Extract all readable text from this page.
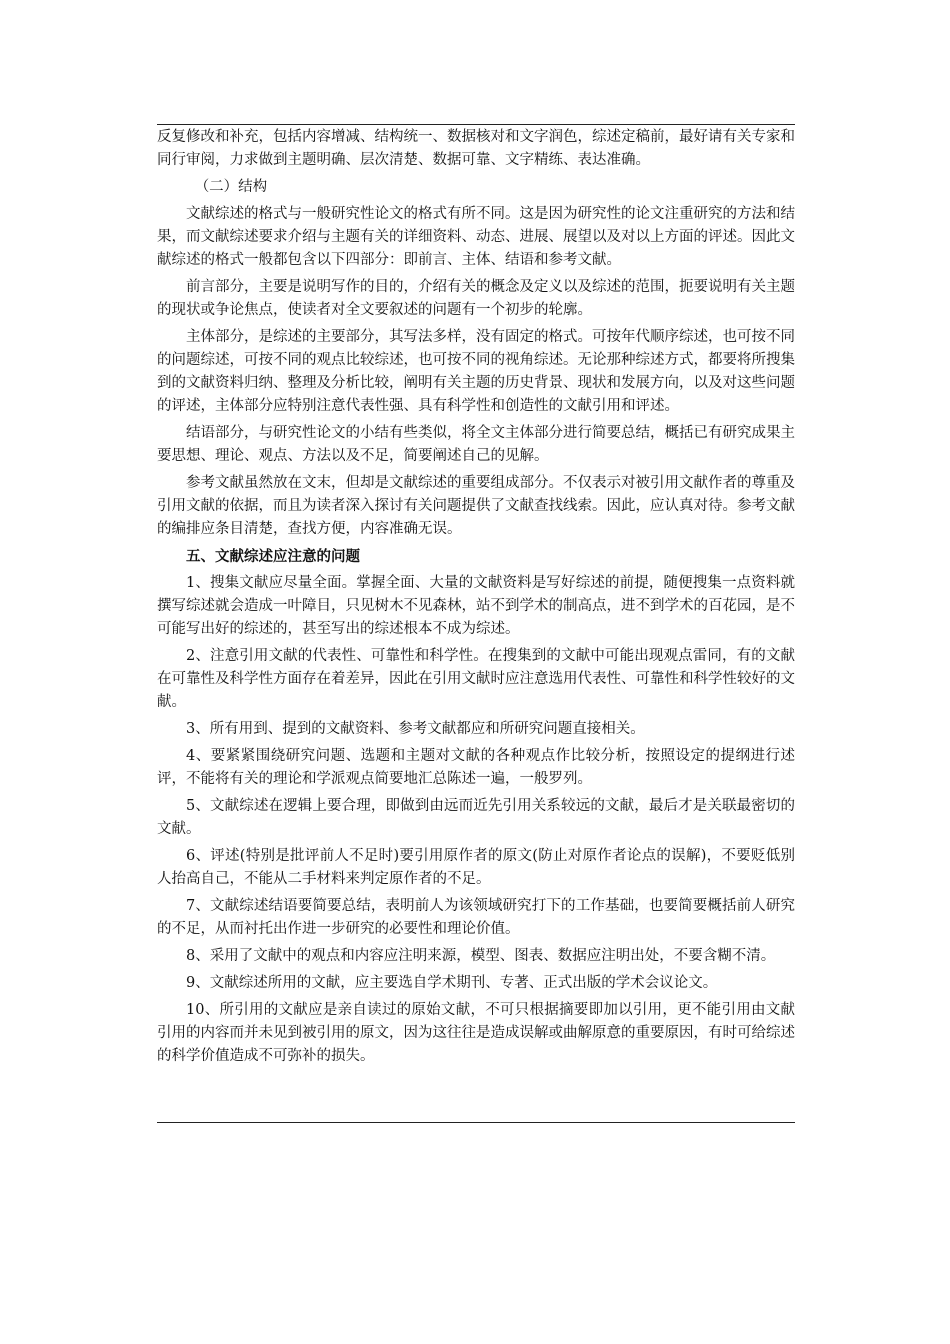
反复修改和补充，包括内容增减、结构统一、数据核对和文字润色，综述定稿前，最好请有关专家和同行审阅，力求做到主题明确、层次清楚、数据可靠、文字精练、表达准确。

（二）结构

文献综述的格式与一般研究性论文的格式有所不同。这是因为研究性的论文注重研究的方法和结果，而文献综述要求介绍与主题有关的详细资料、动态、进展、展望以及对以上方面的评述。因此文献综述的格式一般都包含以下四部分：即前言、主体、结语和参考文献。

前言部分，主要是说明写作的目的，介绍有关的概念及定义以及综述的范围，扼要说明有关主题的现状或争论焦点，使读者对全文要叙述的问题有一个初步的轮廓。

主体部分，是综述的主要部分，其写法多样，没有固定的格式。可按年代顺序综述，也可按不同的问题综述，可按不同的观点比较综述，也可按不同的视角综述。无论那种综述方式，都要将所搜集到的文献资料归纳、整理及分析比较，阐明有关主题的历史背景、现状和发展方向，以及对这些问题的评述，主体部分应特别注意代表性强、具有科学性和创造性的文献引用和评述。

结语部分，与研究性论文的小结有些类似，将全文主体部分进行简要总结，概括已有研究成果主要思想、理论、观点、方法以及不足，简要阐述自己的见解。

参考文献虽然放在文末，但却是文献综述的重要组成部分。不仅表示对被引用文献作者的尊重及引用文献的依据，而且为读者深入探讨有关问题提供了文献查找线索。因此，应认真对待。参考文献的编排应条目清楚，查找方便，内容准确无误。

五、文献综述应注意的问题

1、搜集文献应尽量全面。掌握全面、大量的文献资料是写好综述的前提，随便搜集一点资料就撰写综述就会造成一叶障目，只见树木不见森林，站不到学术的制高点，进不到学术的百花园，是不可能写出好的综述的，甚至写出的综述根本不成为综述。

2、注意引用文献的代表性、可靠性和科学性。在搜集到的文献中可能出现观点雷同，有的文献在可靠性及科学性方面存在着差异，因此在引用文献时应注意选用代表性、可靠性和科学性较好的文献。

3、所有用到、提到的文献资料、参考文献都应和所研究问题直接相关。

4、要紧紧围绕研究问题、选题和主题对文献的各种观点作比较分析，按照设定的提纲进行述评，不能将有关的理论和学派观点简要地汇总陈述一遍，一般罗列。

5、文献综述在逻辑上要合理，即做到由远而近先引用关系较远的文献，最后才是关联最密切的文献。

6、评述(特别是批评前人不足时)要引用原作者的原文(防止对原作者论点的误解)，不要贬低别人抬高自己，不能从二手材料来判定原作者的不足。

7、文献综述结语要简要总结，表明前人为该领域研究打下的工作基础，也要简要概括前人研究的不足，从而衬托出作进一步研究的必要性和理论价值。

8、采用了文献中的观点和内容应注明来源，模型、图表、数据应注明出处，不要含糊不清。

9、文献综述所用的文献，应主要选自学术期刊、专著、正式出版的学术会议论文。

10、所引用的文献应是亲自读过的原始文献，不可只根据摘要即加以引用，更不能引用由文献引用的内容而并未见到被引用的原文，因为这往往是造成误解或曲解原意的重要原因，有时可给综述的科学价值造成不可弥补的损失。
